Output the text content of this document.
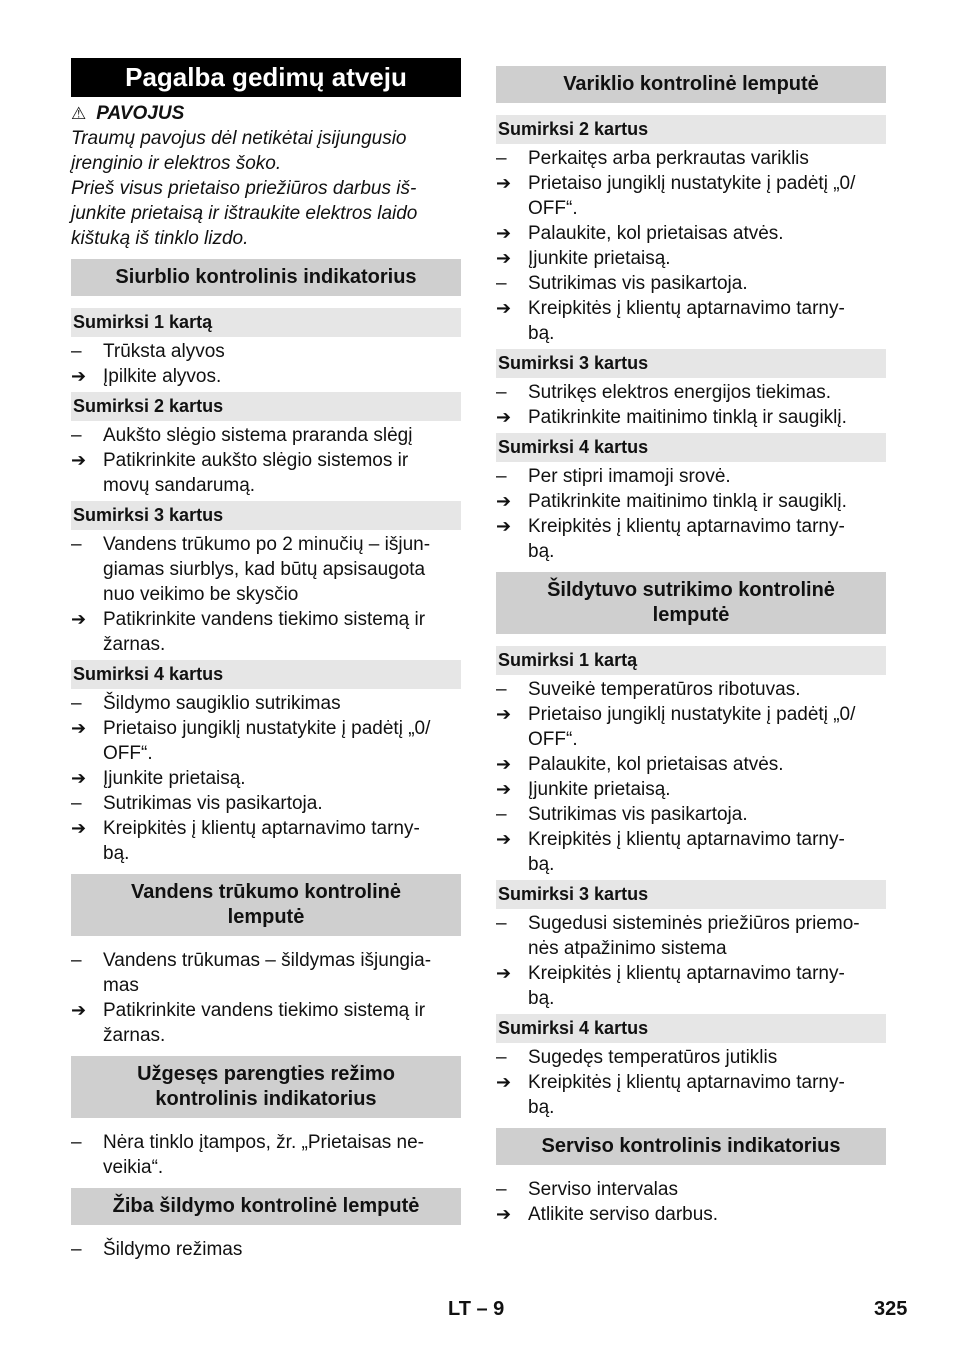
Pagalba gedimų atveju
⚠ PAVOJUS
Traumų pavojus dėl netikėtai įsijungusio
įrenginio ir elektros šoko.
Prieš visus prietaiso priežiūros darbus iš-
junkite prietaisą ir ištraukite elektros laido
kištuką iš tinklo lizdo.
Siurblio kontrolinis indikatorius
Sumirksi 1 kartą
–	Trūksta alyvos
➔ Įpilkite alyvos.
Sumirksi 2 kartus
–	Aukšto slėgio sistema praranda slėgį
➔ Patikrinkite aukšto slėgio sistemos ir
movų sandarumą.
Sumirksi 3 kartus
–	Vandens trūkumo po 2 minučių – išjun-
giamas siurblys, kad būtų apsisaugota
nuo veikimo be skysčio
➔ Patikrinkite vandens tiekimo sistemą ir
žarnas.
Sumirksi 4 kartus
–	Šildymo saugiklio sutrikimas
➔ Prietaiso jungiklį nustatykite į padėtį „0/
OFF“.
➔ Įjunkite prietaisą.
–	Sutrikimas vis pasikartoja.
➔ Kreipkitės į klientų aptarnavimo tarny-
bą.
Vandens trūkumo kontrolinė
lemputė
–	Vandens trūkumas – šildymas išjungia-
mas
➔ Patikrinkite vandens tiekimo sistemą ir
žarnas.
Užgesęs parengties režimo
kontrolinis indikatorius
–	Nėra tinklo įtampos, žr. „Prietaisas ne-
veikia“.
Žiba šildymo kontrolinė lemputė
–	Šildymo režimas
Variklio kontrolinė lemputė
Sumirksi 2 kartus
–	Perkaitęs arba perkrautas variklis
➔ Prietaiso jungiklį nustatykite į padėtį „0/
OFF“.
➔ Palaukite, kol prietaisas atvės.
➔ Įjunkite prietaisą.
–	Sutrikimas vis pasikartoja.
➔ Kreipkitės į klientų aptarnavimo tarny-
bą.
Sumirksi 3 kartus
–	Sutrikęs elektros energijos tiekimas.
➔ Patikrinkite maitinimo tinklą ir saugiklį.
Sumirksi 4 kartus
–	Per stipri imamoji srovė.
➔ Patikrinkite maitinimo tinklą ir saugiklį.
➔ Kreipkitės į klientų aptarnavimo tarny-
bą.
Šildytuvo sutrikimo kontrolinė
lemputė
Sumirksi 1 kartą
–	Suveikė temperatūros ribotuvas.
➔ Prietaiso jungiklį nustatykite į padėtį „0/
OFF“.
➔ Palaukite, kol prietaisas atvės.
➔ Įjunkite prietaisą.
–	Sutrikimas vis pasikartoja.
➔ Kreipkitės į klientų aptarnavimo tarny-
bą.
Sumirksi 3 kartus
–	Sugedusi sisteminės priežiūros priemo-
nės atpažinimo sistema
➔ Kreipkitės į klientų aptarnavimo tarny-
bą.
Sumirksi 4 kartus
–	Sugedęs temperatūros jutiklis
➔ Kreipkitės į klientų aptarnavimo tarny-
bą.
Serviso kontrolinis indikatorius
–	Serviso intervalas
➔ Atlikite serviso darbus.
LT – 9	325
